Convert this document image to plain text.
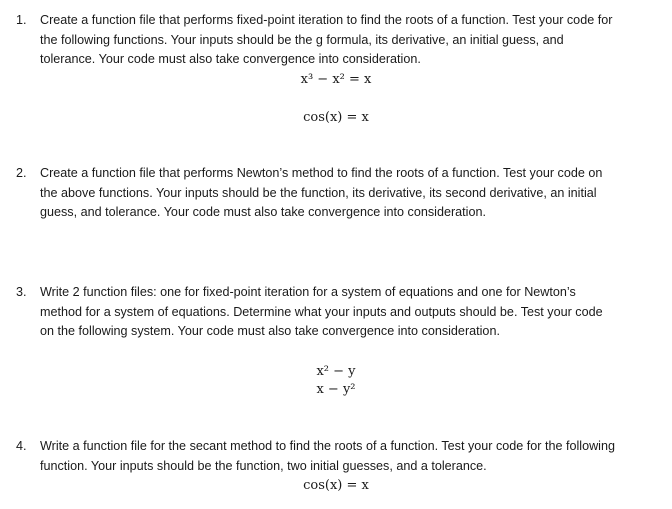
1. Create a function file that performs fixed-point iteration to find the roots of a function. Test your code for the following functions. Your inputs should be the g formula, its derivative, an initial guess, and tolerance. Your code must also take convergence into consideration.
x³ − x² = x
cos(x) = x
2. Create a function file that performs Newton’s method to find the roots of a function. Test your code on the above functions. Your inputs should be the function, its derivative, its second derivative, an initial guess, and tolerance. Your code must also take convergence into consideration.
3. Write 2 function files: one for fixed-point iteration for a system of equations and one for Newton’s method for a system of equations. Determine what your inputs and outputs should be. Test your code on the following system. Your code must also take convergence into consideration.
x² − y
x − y²
4. Write a function file for the secant method to find the roots of a function. Test your code for the following function. Your inputs should be the function, two initial guesses, and a tolerance.
cos(x) = x
